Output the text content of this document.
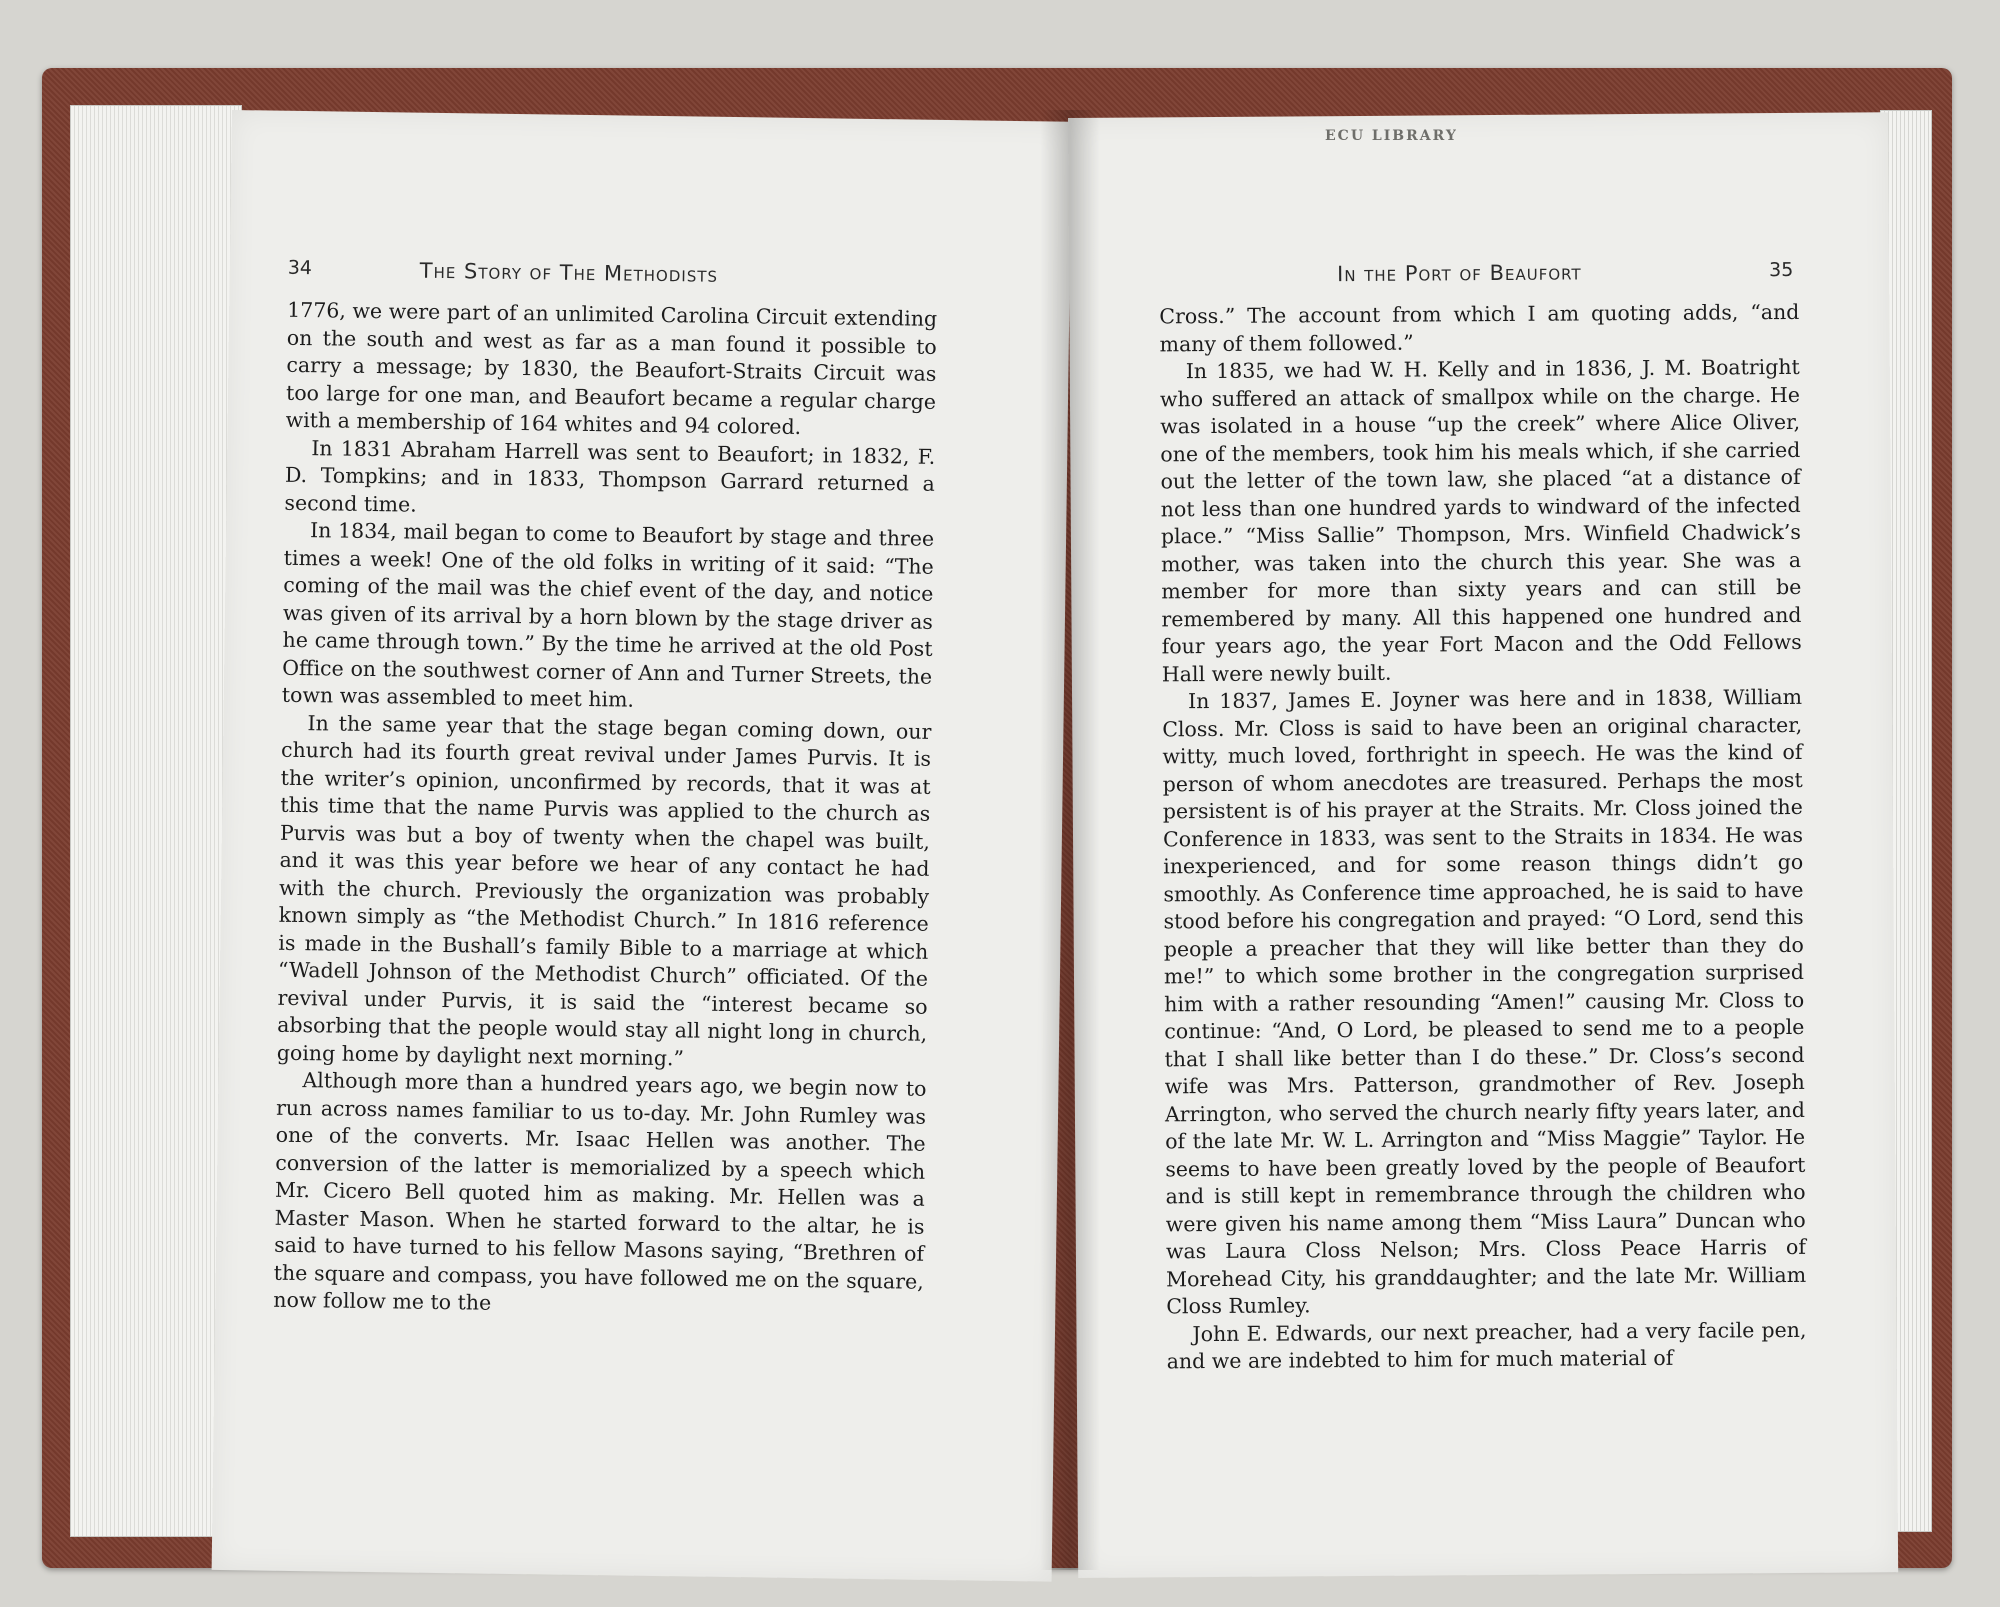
34	The Story of The Methodists

1776, we were part of an unlimited Carolina Circuit extending on the south and west as far as a man found it possible to carry a message; by 1830, the Beaufort-Straits Circuit was too large for one man, and Beaufort became a regular charge with a membership of 164 whites and 94 colored.

In 1831 Abraham Harrell was sent to Beaufort; in 1832, F. D. Tompkins; and in 1833, Thompson Garrard returned a second time.

In 1834, mail began to come to Beaufort by stage and three times a week! One of the old folks in writing of it said: “The coming of the mail was the chief event of the day, and notice was given of its arrival by a horn blown by the stage driver as he came through town.” By the time he arrived at the old Post Office on the southwest corner of Ann and Turner Streets, the town was assembled to meet him.

In the same year that the stage began coming down, our church had its fourth great revival under James Purvis. It is the writer’s opinion, unconfirmed by records, that it was at this time that the name Purvis was applied to the church as Purvis was but a boy of twenty when the chapel was built, and it was this year before we hear of any contact he had with the church. Previously the organization was probably known simply as “the Methodist Church.” In 1816 reference is made in the Bushall’s family Bible to a marriage at which “Wadell Johnson of the Methodist Church” officiated. Of the revival under Purvis, it is said the “interest became so absorbing that the people would stay all night long in church, going home by daylight next morning.”

Although more than a hundred years ago, we begin now to run across names familiar to us to-day. Mr. John Rumley was one of the converts. Mr. Isaac Hellen was another. The conversion of the latter is memorialized by a speech which Mr. Cicero Bell quoted him as making. Mr. Hellen was a Master Mason. When he started forward to the altar, he is said to have turned to his fellow Masons saying, “Brethren of the square and compass, you have followed me on the square, now follow me to the

In the Port of Beaufort	35

Cross.” The account from which I am quoting adds, “and many of them followed.”

In 1835, we had W. H. Kelly and in 1836, J. M. Boatright who suffered an attack of smallpox while on the charge. He was isolated in a house “up the creek” where Alice Oliver, one of the members, took him his meals which, if she carried out the letter of the town law, she placed “at a distance of not less than one hundred yards to windward of the infected place.” “Miss Sallie” Thompson, Mrs. Winfield Chadwick’s mother, was taken into the church this year. She was a member for more than sixty years and can still be remembered by many. All this happened one hundred and four years ago, the year Fort Macon and the Odd Fellows Hall were newly built.

In 1837, James E. Joyner was here and in 1838, William Closs. Mr. Closs is said to have been an original character, witty, much loved, forthright in speech. He was the kind of person of whom anecdotes are treasured. Perhaps the most persistent is of his prayer at the Straits. Mr. Closs joined the Conference in 1833, was sent to the Straits in 1834. He was inexperienced, and for some reason things didn’t go smoothly. As Conference time approached, he is said to have stood before his congregation and prayed: “O Lord, send this people a preacher that they will like better than they do me!” to which some brother in the congregation surprised him with a rather resounding “Amen!” causing Mr. Closs to continue: “And, O Lord, be pleased to send me to a people that I shall like better than I do these.” Dr. Closs’s second wife was Mrs. Patterson, grandmother of Rev. Joseph Arrington, who served the church nearly fifty years later, and of the late Mr. W. L. Arrington and “Miss Maggie” Taylor. He seems to have been greatly loved by the people of Beaufort and is still kept in remembrance through the children who were given his name among them “Miss Laura” Duncan who was Laura Closs Nelson; Mrs. Closs Peace Harris of Morehead City, his granddaughter; and the late Mr. William Closs Rumley.

John E. Edwards, our next preacher, had a very facile pen, and we are indebted to him for much material of

ECU LIBRARY
